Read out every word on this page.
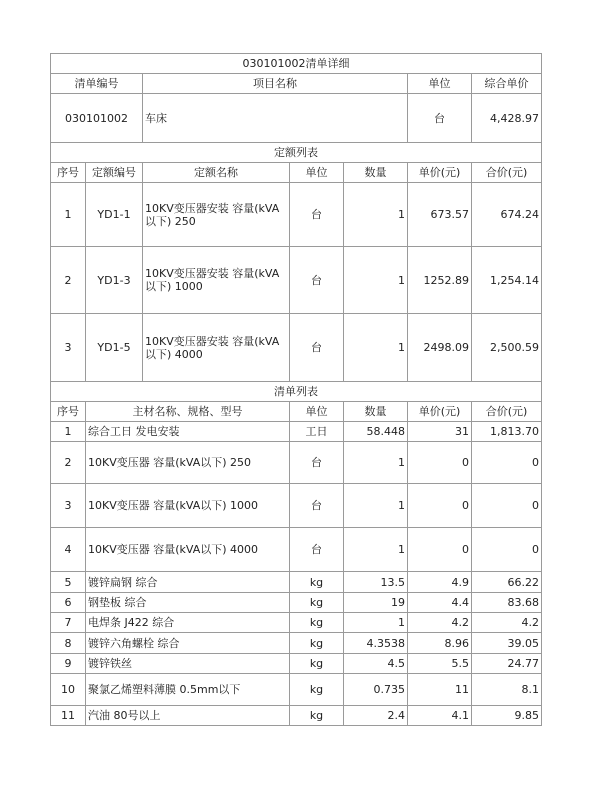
030101002清单详细						
清单编号		项目名称			单位	综合单价
030101002		车床			台	4,428.97
定额列表						
序号	定额编号	定额名称	单位	数量	单价(元)	合价(元)
1	YD1-1	10KV变压器安装 容量(kVA以下) 250	台	1	673.57	674.24
2	YD1-3	10KV变压器安装 容量(kVA以下) 1000	台	1	1252.89	1,254.14
3	YD1-5	10KV变压器安装 容量(kVA以下) 4000	台	1	2498.09	2,500.59
清单列表						
序号	主材名称、规格、型号		单位	数量	单价(元)	合价(元)
1	综合工日 发电安装		工日	58.448	31	1,813.70
2	10KV变压器 容量(kVA以下) 250		台	1	0	0
3	10KV变压器 容量(kVA以下) 1000		台	1	0	0
4	10KV变压器 容量(kVA以下) 4000		台	1	0	0
5	镀锌扁钢 综合		kg	13.5	4.9	66.22
6	钢垫板 综合		kg	19	4.4	83.68
7	电焊条 J422 综合		kg	1	4.2	4.2
8	镀锌六角螺栓 综合		kg	4.3538	8.96	39.05
9	镀锌铁丝		kg	4.5	5.5	24.77
10	聚氯乙烯塑料薄膜 0.5mm以下		kg	0.735	11	8.1
11	汽油 80号以上		kg	2.4	4.1	9.85
